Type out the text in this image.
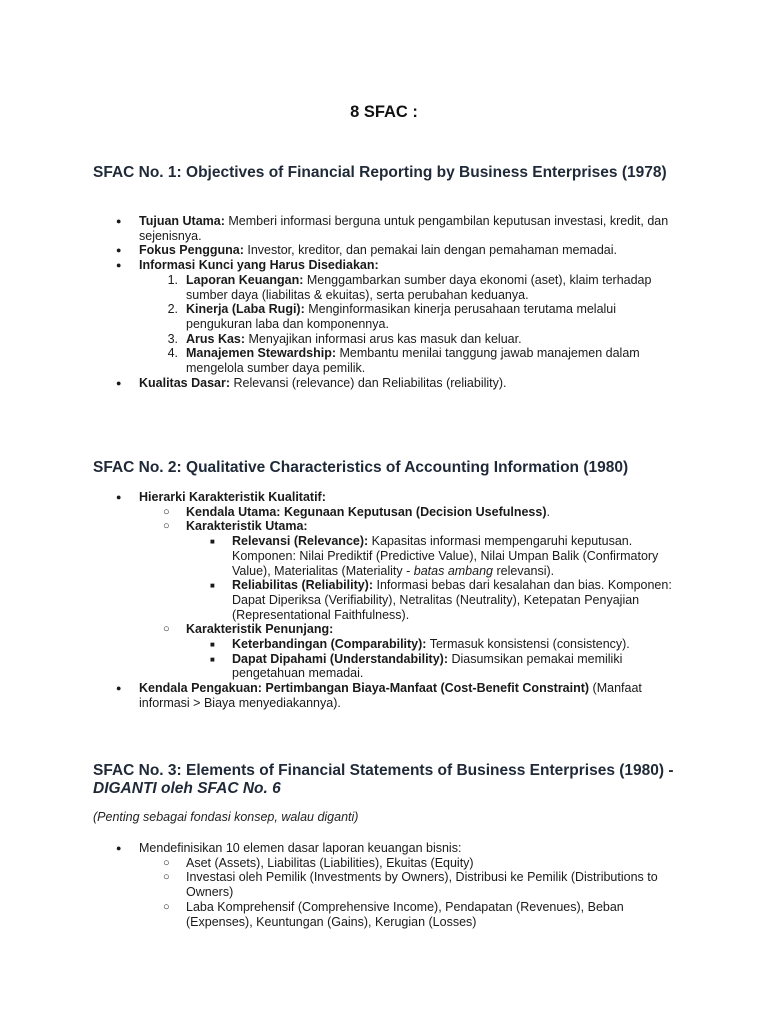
8 SFAC :
SFAC No. 1: Objectives of Financial Reporting by Business Enterprises (1978)
● Tujuan Utama: Memberi informasi berguna untuk pengambilan keputusan investasi, kredit, dan sejenisnya.
● Fokus Pengguna: Investor, kreditor, dan pemakai lain dengan pemahaman memadai.
● Informasi Kunci yang Harus Disediakan:
1. Laporan Keuangan: Menggambarkan sumber daya ekonomi (aset), klaim terhadap sumber daya (liabilitas & ekuitas), serta perubahan keduanya.
2. Kinerja (Laba Rugi): Menginformasikan kinerja perusahaan terutama melalui pengukuran laba dan komponennya.
3. Arus Kas: Menyajikan informasi arus kas masuk dan keluar.
4. Manajemen Stewardship: Membantu menilai tanggung jawab manajemen dalam mengelola sumber daya pemilik.
● Kualitas Dasar: Relevansi (relevance) dan Reliabilitas (reliability).
SFAC No. 2: Qualitative Characteristics of Accounting Information (1980)
● Hierarki Karakteristik Kualitatif:
○ Kendala Utama: Kegunaan Keputusan (Decision Usefulness).
○ Karakteristik Utama:
■ Relevansi (Relevance): Kapasitas informasi mempengaruhi keputusan. Komponen: Nilai Prediktif (Predictive Value), Nilai Umpan Balik (Confirmatory Value), Materialitas (Materiality - batas ambang relevansi).
■ Reliabilitas (Reliability): Informasi bebas dari kesalahan dan bias. Komponen: Dapat Diperiksa (Verifiability), Netralitas (Neutrality), Ketepatan Penyajian (Representational Faithfulness).
○ Karakteristik Penunjang:
■ Keterbandingan (Comparability): Termasuk konsistensi (consistency).
■ Dapat Dipahami (Understandability): Diasumsikan pemakai memiliki pengetahuan memadai.
● Kendala Pengakuan: Pertimbangan Biaya-Manfaat (Cost-Benefit Constraint) (Manfaat informasi > Biaya menyediakannya).
SFAC No. 3: Elements of Financial Statements of Business Enterprises (1980) - DIGANTI oleh SFAC No. 6

(Penting sebagai fondasi konsep, walau diganti)

● Mendefinisikan 10 elemen dasar laporan keuangan bisnis:
○ Aset (Assets), Liabilitas (Liabilities), Ekuitas (Equity)
○ Investasi oleh Pemilik (Investments by Owners), Distribusi ke Pemilik (Distributions to Owners)
○ Laba Komprehensif (Comprehensive Income), Pendapatan (Revenues), Beban (Expenses), Keuntungan (Gains), Kerugian (Losses)
